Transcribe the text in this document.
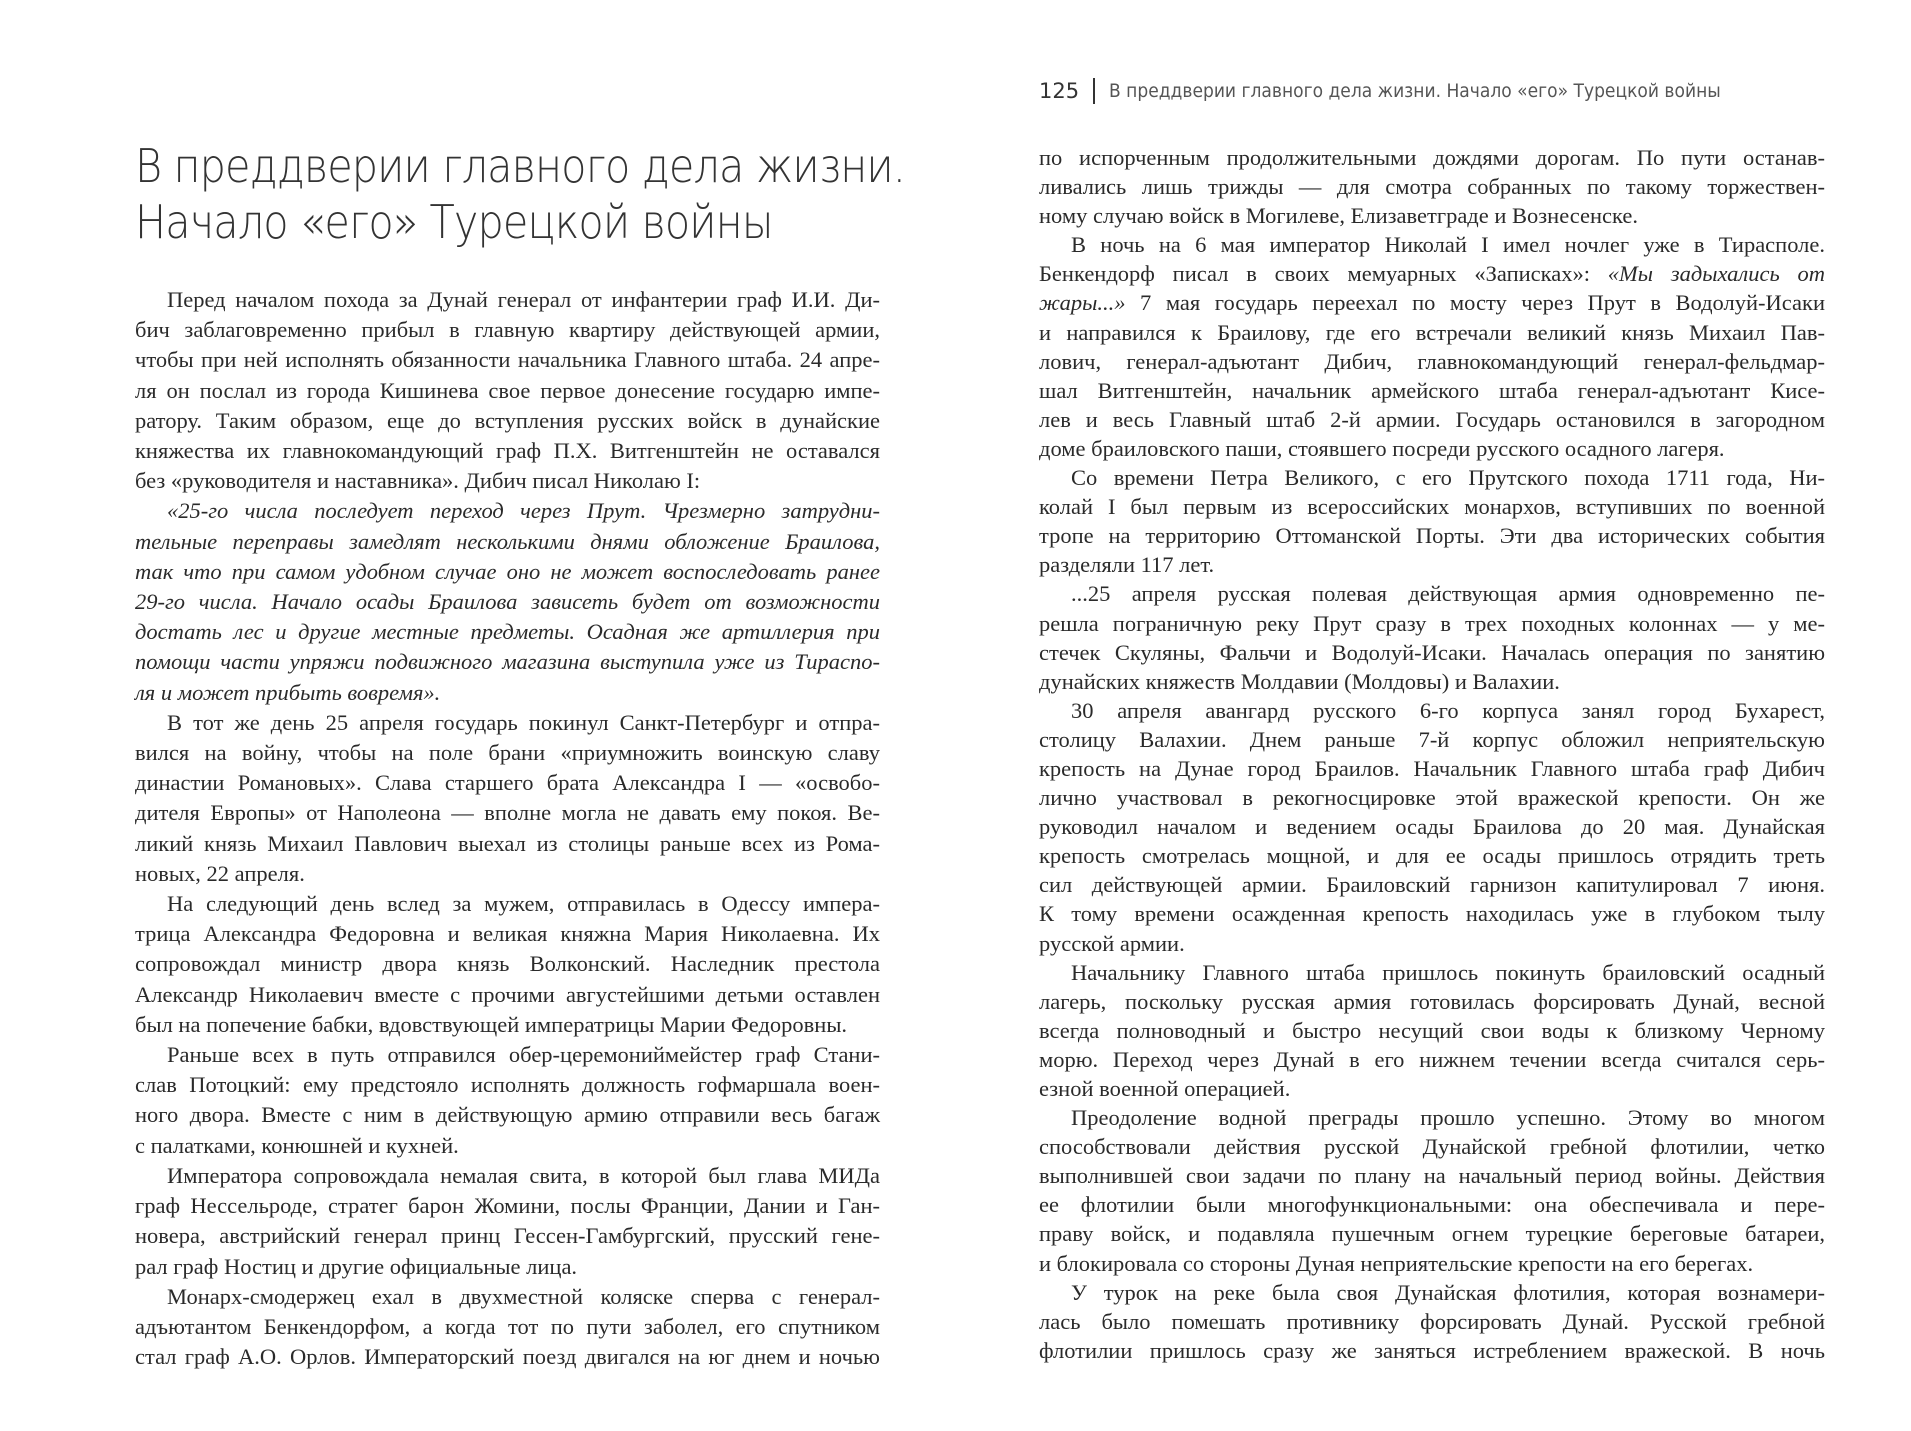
В преддверии главного дела жизни.
Начало «его» Турецкой войны
125 В преддверии главного дела жизни. Начало «его» Турецкой войны
Перед началом похода за Дунай генерал от инфантерии граф И.И. Ди-
бич заблаговременно прибыл в главную квартиру действующей армии,
чтобы при ней исполнять обязанности начальника Главного штаба. 24 апре-
ля он послал из города Кишинева свое первое донесение государю импе-
ратору. Таким образом, еще до вступления русских войск в дунайские
княжества их главнокомандующий граф П.Х. Витгенштейн не оставался
без «руководителя и наставника». Дибич писал Николаю I:
«25-го числа последует переход через Прут. Чрезмерно затрудни-
тельные переправы замедлят несколькими днями обложение Браилова,
так что при самом удобном случае оно не может воспоследовать ранее
29-го числа. Начало осады Браилова зависеть будет от возможности
достать лес и другие местные предметы. Осадная же артиллерия при
помощи части упряжи подвижного магазина выступила уже из Тираспо-
ля и может прибыть вовремя».
В тот же день 25 апреля государь покинул Санкт-Петербург и отпра-
вился на войну, чтобы на поле брани «приумножить воинскую славу
династии Романовых». Слава старшего брата Александра I — «освобо-
дителя Европы» от Наполеона — вполне могла не давать ему покоя. Ве-
ликий князь Михаил Павлович выехал из столицы раньше всех из Рома-
новых, 22 апреля.
На следующий день вслед за мужем, отправилась в Одессу импера-
трица Александра Федоровна и великая княжна Мария Николаевна. Их
сопровождал министр двора князь Волконский. Наследник престола
Александр Николаевич вместе с прочими августейшими детьми оставлен
был на попечение бабки, вдовствующей императрицы Марии Федоровны.
Раньше всех в путь отправился обер-церемониймейстер граф Стани-
слав Потоцкий: ему предстояло исполнять должность гофмаршала воен-
ного двора. Вместе с ним в действующую армию отправили весь багаж
с палатками, конюшней и кухней.
Императора сопровождала немалая свита, в которой был глава МИДа
граф Нессельроде, стратег барон Жомини, послы Франции, Дании и Ган-
новера, австрийский генерал принц Гессен-Гамбургский, прусский гене-
рал граф Ностиц и другие официальные лица.
Монарх-смодержец ехал в двухместной коляске сперва с генерал-
адъютантом Бенкендорфом, а когда тот по пути заболел, его спутником
стал граф А.О. Орлов. Императорский поезд двигался на юг днем и ночью
по испорченным продолжительными дождями дорогам. По пути останав-
ливались лишь трижды — для смотра собранных по такому торжествен-
ному случаю войск в Могилеве, Елизаветграде и Вознесенске.
В ночь на 6 мая император Николай I имел ночлег уже в Тирасполе.
Бенкендорф писал в своих мемуарных «Записках»: «Мы задыхались от
жары...» 7 мая государь переехал по мосту через Прут в Водолуй-Исаки
и направился к Браилову, где его встречали великий князь Михаил Пав-
лович, генерал-адъютант Дибич, главнокомандующий генерал-фельдмар-
шал Витгенштейн, начальник армейского штаба генерал-адъютант Кисе-
лев и весь Главный штаб 2-й армии. Государь остановился в загородном
доме браиловского паши, стоявшего посреди русского осадного лагеря.
Со времени Петра Великого, с его Прутского похода 1711 года, Ни-
колай I был первым из всероссийских монархов, вступивших по военной
тропе на территорию Оттоманской Порты. Эти два исторических события
разделяли 117 лет.
...25 апреля русская полевая действующая армия одновременно пе-
решла пограничную реку Прут сразу в трех походных колоннах — у ме-
стечек Скуляны, Фальчи и Водолуй-Исаки. Началась операция по занятию
дунайских княжеств Молдавии (Молдовы) и Валахии.
30 апреля авангард русского 6-го корпуса занял город Бухарест,
столицу Валахии. Днем раньше 7-й корпус обложил неприятельскую
крепость на Дунае город Браилов. Начальник Главного штаба граф Дибич
лично участвовал в рекогносцировке этой вражеской крепости. Он же
руководил началом и ведением осады Браилова до 20 мая. Дунайская
крепость смотрелась мощной, и для ее осады пришлось отрядить треть
сил действующей армии. Браиловский гарнизон капитулировал 7 июня.
К тому времени осажденная крепость находилась уже в глубоком тылу
русской армии.
Начальнику Главного штаба пришлось покинуть браиловский осадный
лагерь, поскольку русская армия готовилась форсировать Дунай, весной
всегда полноводный и быстро несущий свои воды к близкому Черному
морю. Переход через Дунай в его нижнем течении всегда считался серь-
езной военной операцией.
Преодоление водной преграды прошло успешно. Этому во многом
способствовали действия русской Дунайской гребной флотилии, четко
выполнившей свои задачи по плану на начальный период войны. Действия
ее флотилии были многофункциональными: она обеспечивала и пере-
праву войск, и подавляла пушечным огнем турецкие береговые батареи,
и блокировала со стороны Дуная неприятельские крепости на его берегах.
У турок на реке была своя Дунайская флотилия, которая вознамери-
лась было помешать противнику форсировать Дунай. Русской гребной
флотилии пришлось сразу же заняться истреблением вражеской. В ночь
